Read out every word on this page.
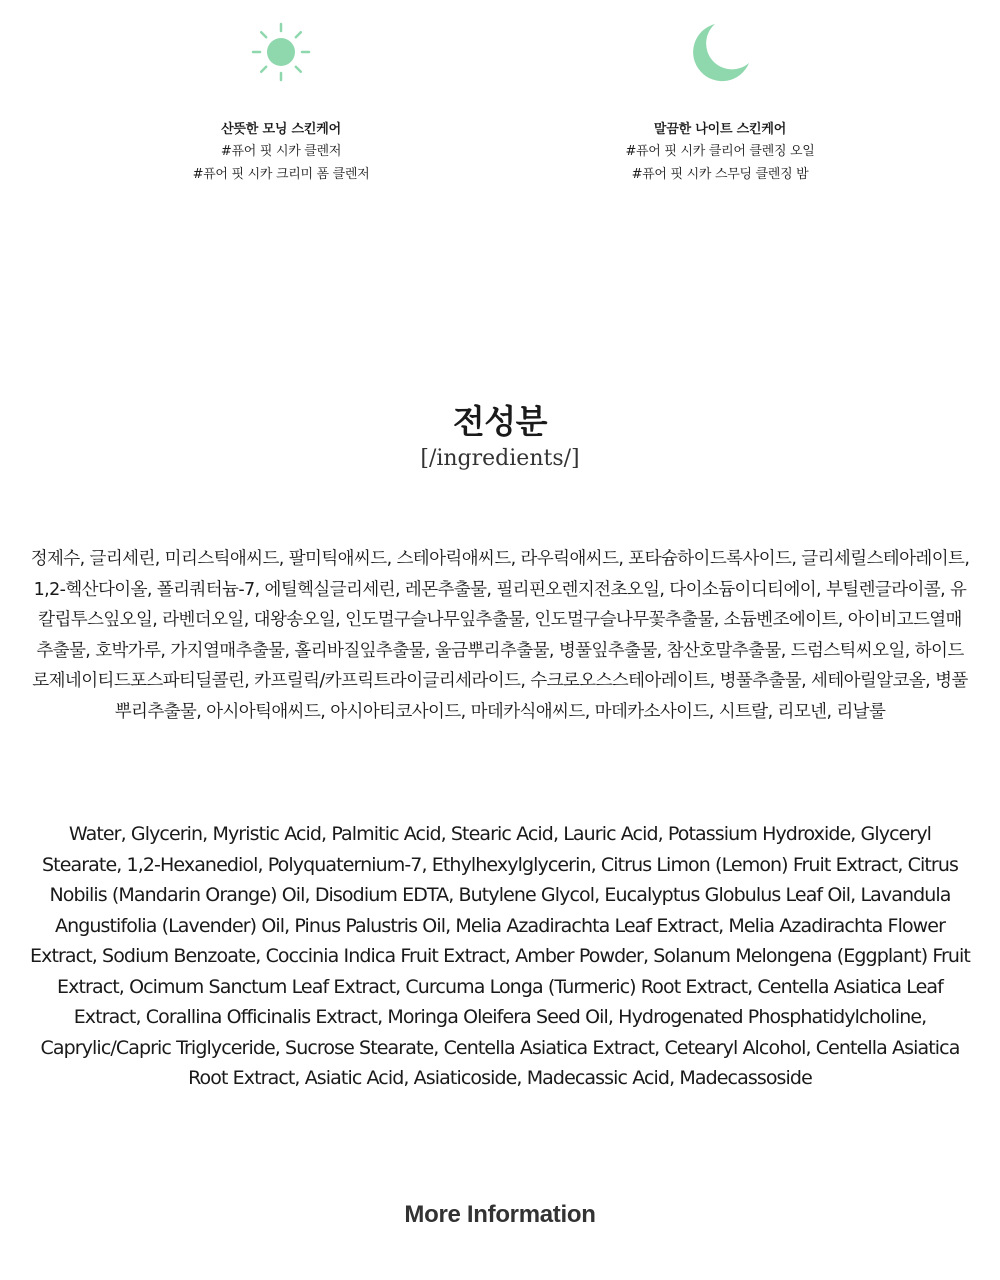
산뜻한 모닝 스킨케어
#퓨어 핏 시카 클렌저
#퓨어 핏 시카 크리미 폼 클렌저
말끔한 나이트 스킨케어
#퓨어 핏 시카 클리어 클렌징 오일
#퓨어 핏 시카 스무딩 클렌징 밤
전성분
[/ingredients/]
정제수, 글리세린, 미리스틱애씨드, 팔미틱애씨드, 스테아릭애씨드, 라우릭애씨드, 포타슘하이드록사이드, 글리세릴스테아레이트, 1,2-헥산다이올, 폴리쿼터늄-7, 에틸헥실글리세린, 레몬추출물, 필리핀오렌지전초오일, 다이소듐이디티에이, 부틸렌글라이콜, 유칼립투스잎오일, 라벤더오일, 대왕송오일, 인도멀구슬나무잎추출물, 인도멀구슬나무꽃추출물, 소듐벤조에이트, 아이비고드열매추출물, 호박가루, 가지열매추출물, 홀리바질잎추출물, 울금뿌리추출물, 병풀잎추출물, 참산호말추출물, 드럼스틱씨오일, 하이드로제네이티드포스파티딜콜린, 카프릴릭/카프릭트라이글리세라이드, 수크로오스스테아레이트, 병풀추출물, 세테아릴알코올, 병풀뿌리추출물, 아시아틱애씨드, 아시아티코사이드, 마데카식애씨드, 마데카소사이드, 시트랄, 리모넨, 리날룰
Water, Glycerin, Myristic Acid, Palmitic Acid, Stearic Acid, Lauric Acid, Potassium Hydroxide, Glyceryl Stearate, 1,2-Hexanediol, Polyquaternium-7, Ethylhexylglycerin, Citrus Limon (Lemon) Fruit Extract, Citrus Nobilis (Mandarin Orange) Oil, Disodium EDTA, Butylene Glycol, Eucalyptus Globulus Leaf Oil, Lavandula Angustifolia (Lavender) Oil, Pinus Palustris Oil, Melia Azadirachta Leaf Extract, Melia Azadirachta Flower Extract, Sodium Benzoate, Coccinia Indica Fruit Extract, Amber Powder, Solanum Melongena (Eggplant) Fruit Extract, Ocimum Sanctum Leaf Extract, Curcuma Longa (Turmeric) Root Extract, Centella Asiatica Leaf Extract, Corallina Officinalis Extract, Moringa Oleifera Seed Oil, Hydrogenated Phosphatidylcholine, Caprylic/Capric Triglyceride, Sucrose Stearate, Centella Asiatica Extract, Cetearyl Alcohol, Centella Asiatica Root Extract, Asiatic Acid, Asiaticoside, Madecassic Acid, Madecassoside
More Information
